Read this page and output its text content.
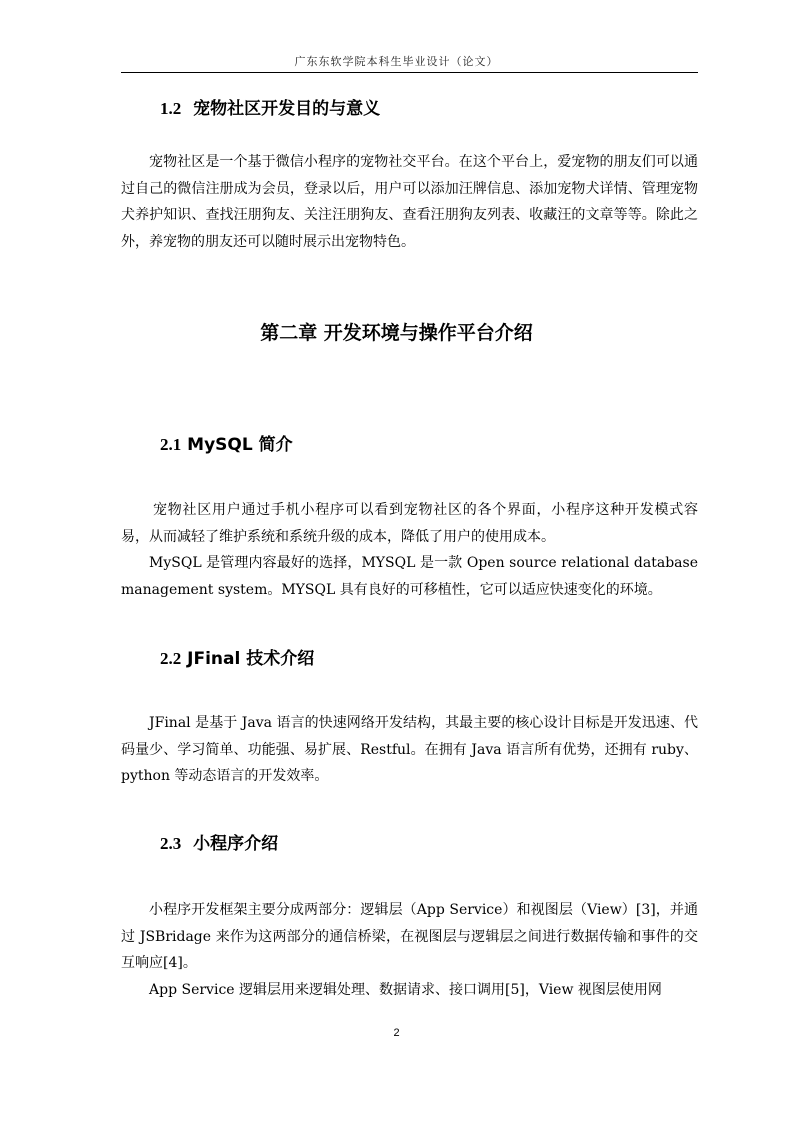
广东东软学院本科生毕业设计（论文）
1.2 宠物社区开发目的与意义

宠物社区是一个基于微信小程序的宠物社交平台。在这个平台上，爱宠物的朋友们可以通过自己的微信注册成为会员，登录以后，用户可以添加汪牌信息、添加宠物犬详情、管理宠物犬养护知识、查找汪朋狗友、关注汪朋狗友、查看汪朋狗友列表、收藏汪的文章等等。除此之外，养宠物的朋友还可以随时展示出宠物特色。

第二章 开发环境与操作平台介绍
2.1 MySQL 简介

宠物社区用户通过手机小程序可以看到宠物社区的各个界面，小程序这种开发模式容易，从而减轻了维护系统和系统升级的成本，降低了用户的使用成本。

MySQL 是管理内容最好的选择，MYSQL 是一款 Open source relational database management system。MYSQL 具有良好的可移植性，它可以适应快速变化的环境。

2.2 JFinal 技术介绍

JFinal 是基于 Java 语言的快速网络开发结构，其最主要的核心设计目标是开发迅速、代码量少、学习简单、功能强、易扩展、Restful。在拥有 Java 语言所有优势，还拥有 ruby、python 等动态语言的开发效率。

2.3 小程序介绍

小程序开发框架主要分成两部分：逻辑层（App Service）和视图层（View）[3]，并通过 JSBridage 来作为这两部分的通信桥梁，在视图层与逻辑层之间进行数据传输和事件的交互响应[4]。

App Service 逻辑层用来逻辑处理、数据请求、接口调用[5]，View 视图层使用网

2
